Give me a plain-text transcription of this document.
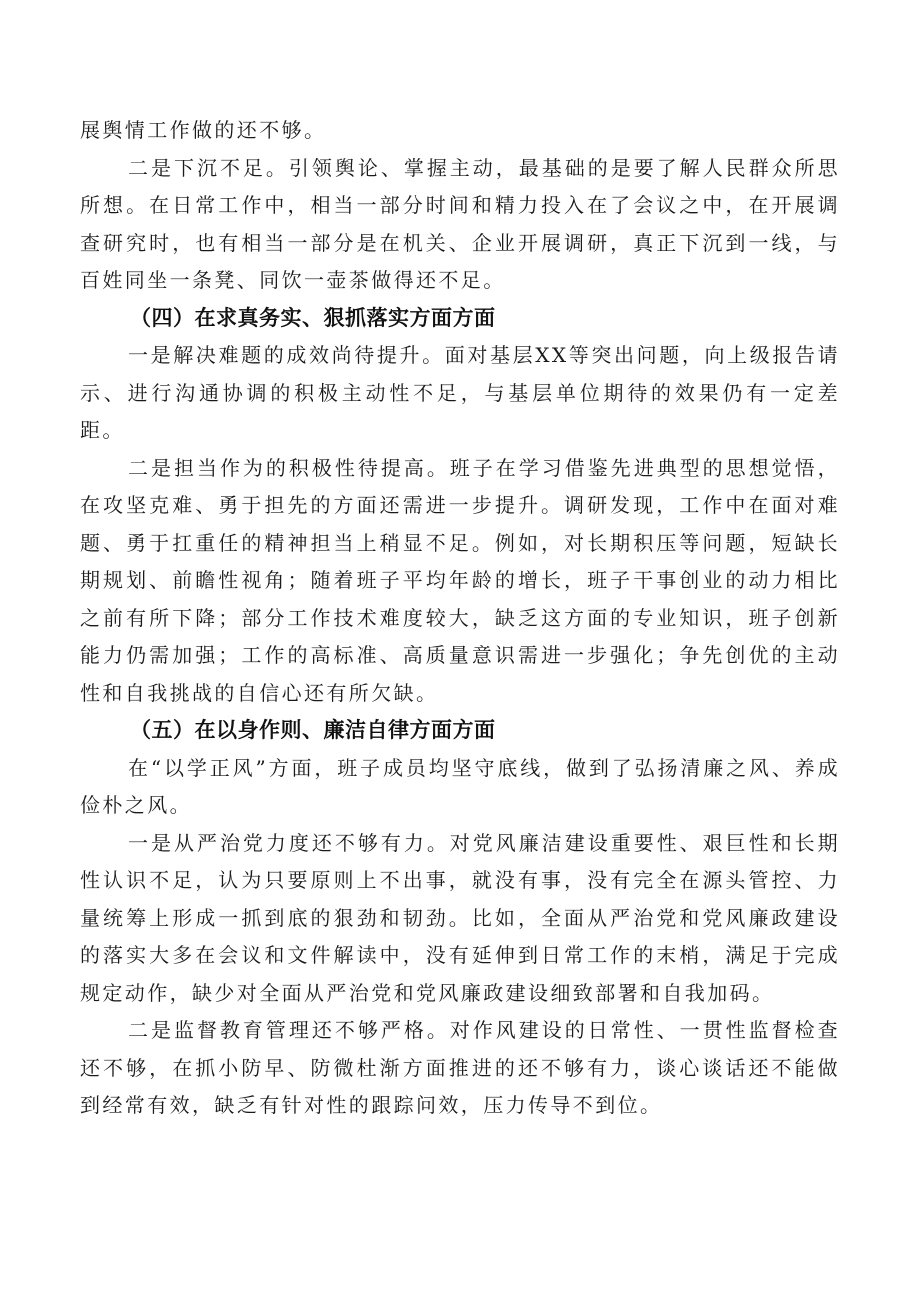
展舆情工作做的还不够。

二是下沉不足。引领舆论、掌握主动，最基础的是要了解人民群众所思所想。在日常工作中，相当一部分时间和精力投入在了会议之中，在开展调查研究时，也有相当一部分是在机关、企业开展调研，真正下沉到一线，与百姓同坐一条凳、同饮一壶茶做得还不足。

（四）在求真务实、狠抓落实方面方面

一是解决难题的成效尚待提升。面对基层XX等突出问题，向上级报告请示、进行沟通协调的积极主动性不足，与基层单位期待的效果仍有一定差距。

二是担当作为的积极性待提高。班子在学习借鉴先进典型的思想觉悟，在攻坚克难、勇于担先的方面还需进一步提升。调研发现，工作中在面对难题、勇于扛重任的精神担当上稍显不足。例如，对长期积压等问题，短缺长期规划、前瞻性视角；随着班子平均年龄的增长，班子干事创业的动力相比之前有所下降；部分工作技术难度较大，缺乏这方面的专业知识，班子创新能力仍需加强；工作的高标准、高质量意识需进一步强化；争先创优的主动性和自我挑战的自信心还有所欠缺。

（五）在以身作则、廉洁自律方面方面

在“以学正风”方面，班子成员均坚守底线，做到了弘扬清廉之风、养成俭朴之风。

一是从严治党力度还不够有力。对党风廉洁建设重要性、艰巨性和长期性认识不足，认为只要原则上不出事，就没有事，没有完全在源头管控、力量统筹上形成一抓到底的狠劲和韧劲。比如，全面从严治党和党风廉政建设的落实大多在会议和文件解读中，没有延伸到日常工作的末梢，满足于完成规定动作，缺少对全面从严治党和党风廉政建设细致部署和自我加码。

二是监督教育管理还不够严格。对作风建设的日常性、一贯性监督检查还不够，在抓小防早、防微杜渐方面推进的还不够有力，谈心谈话还不能做到经常有效，缺乏有针对性的跟踪问效，压力传导不到位。
